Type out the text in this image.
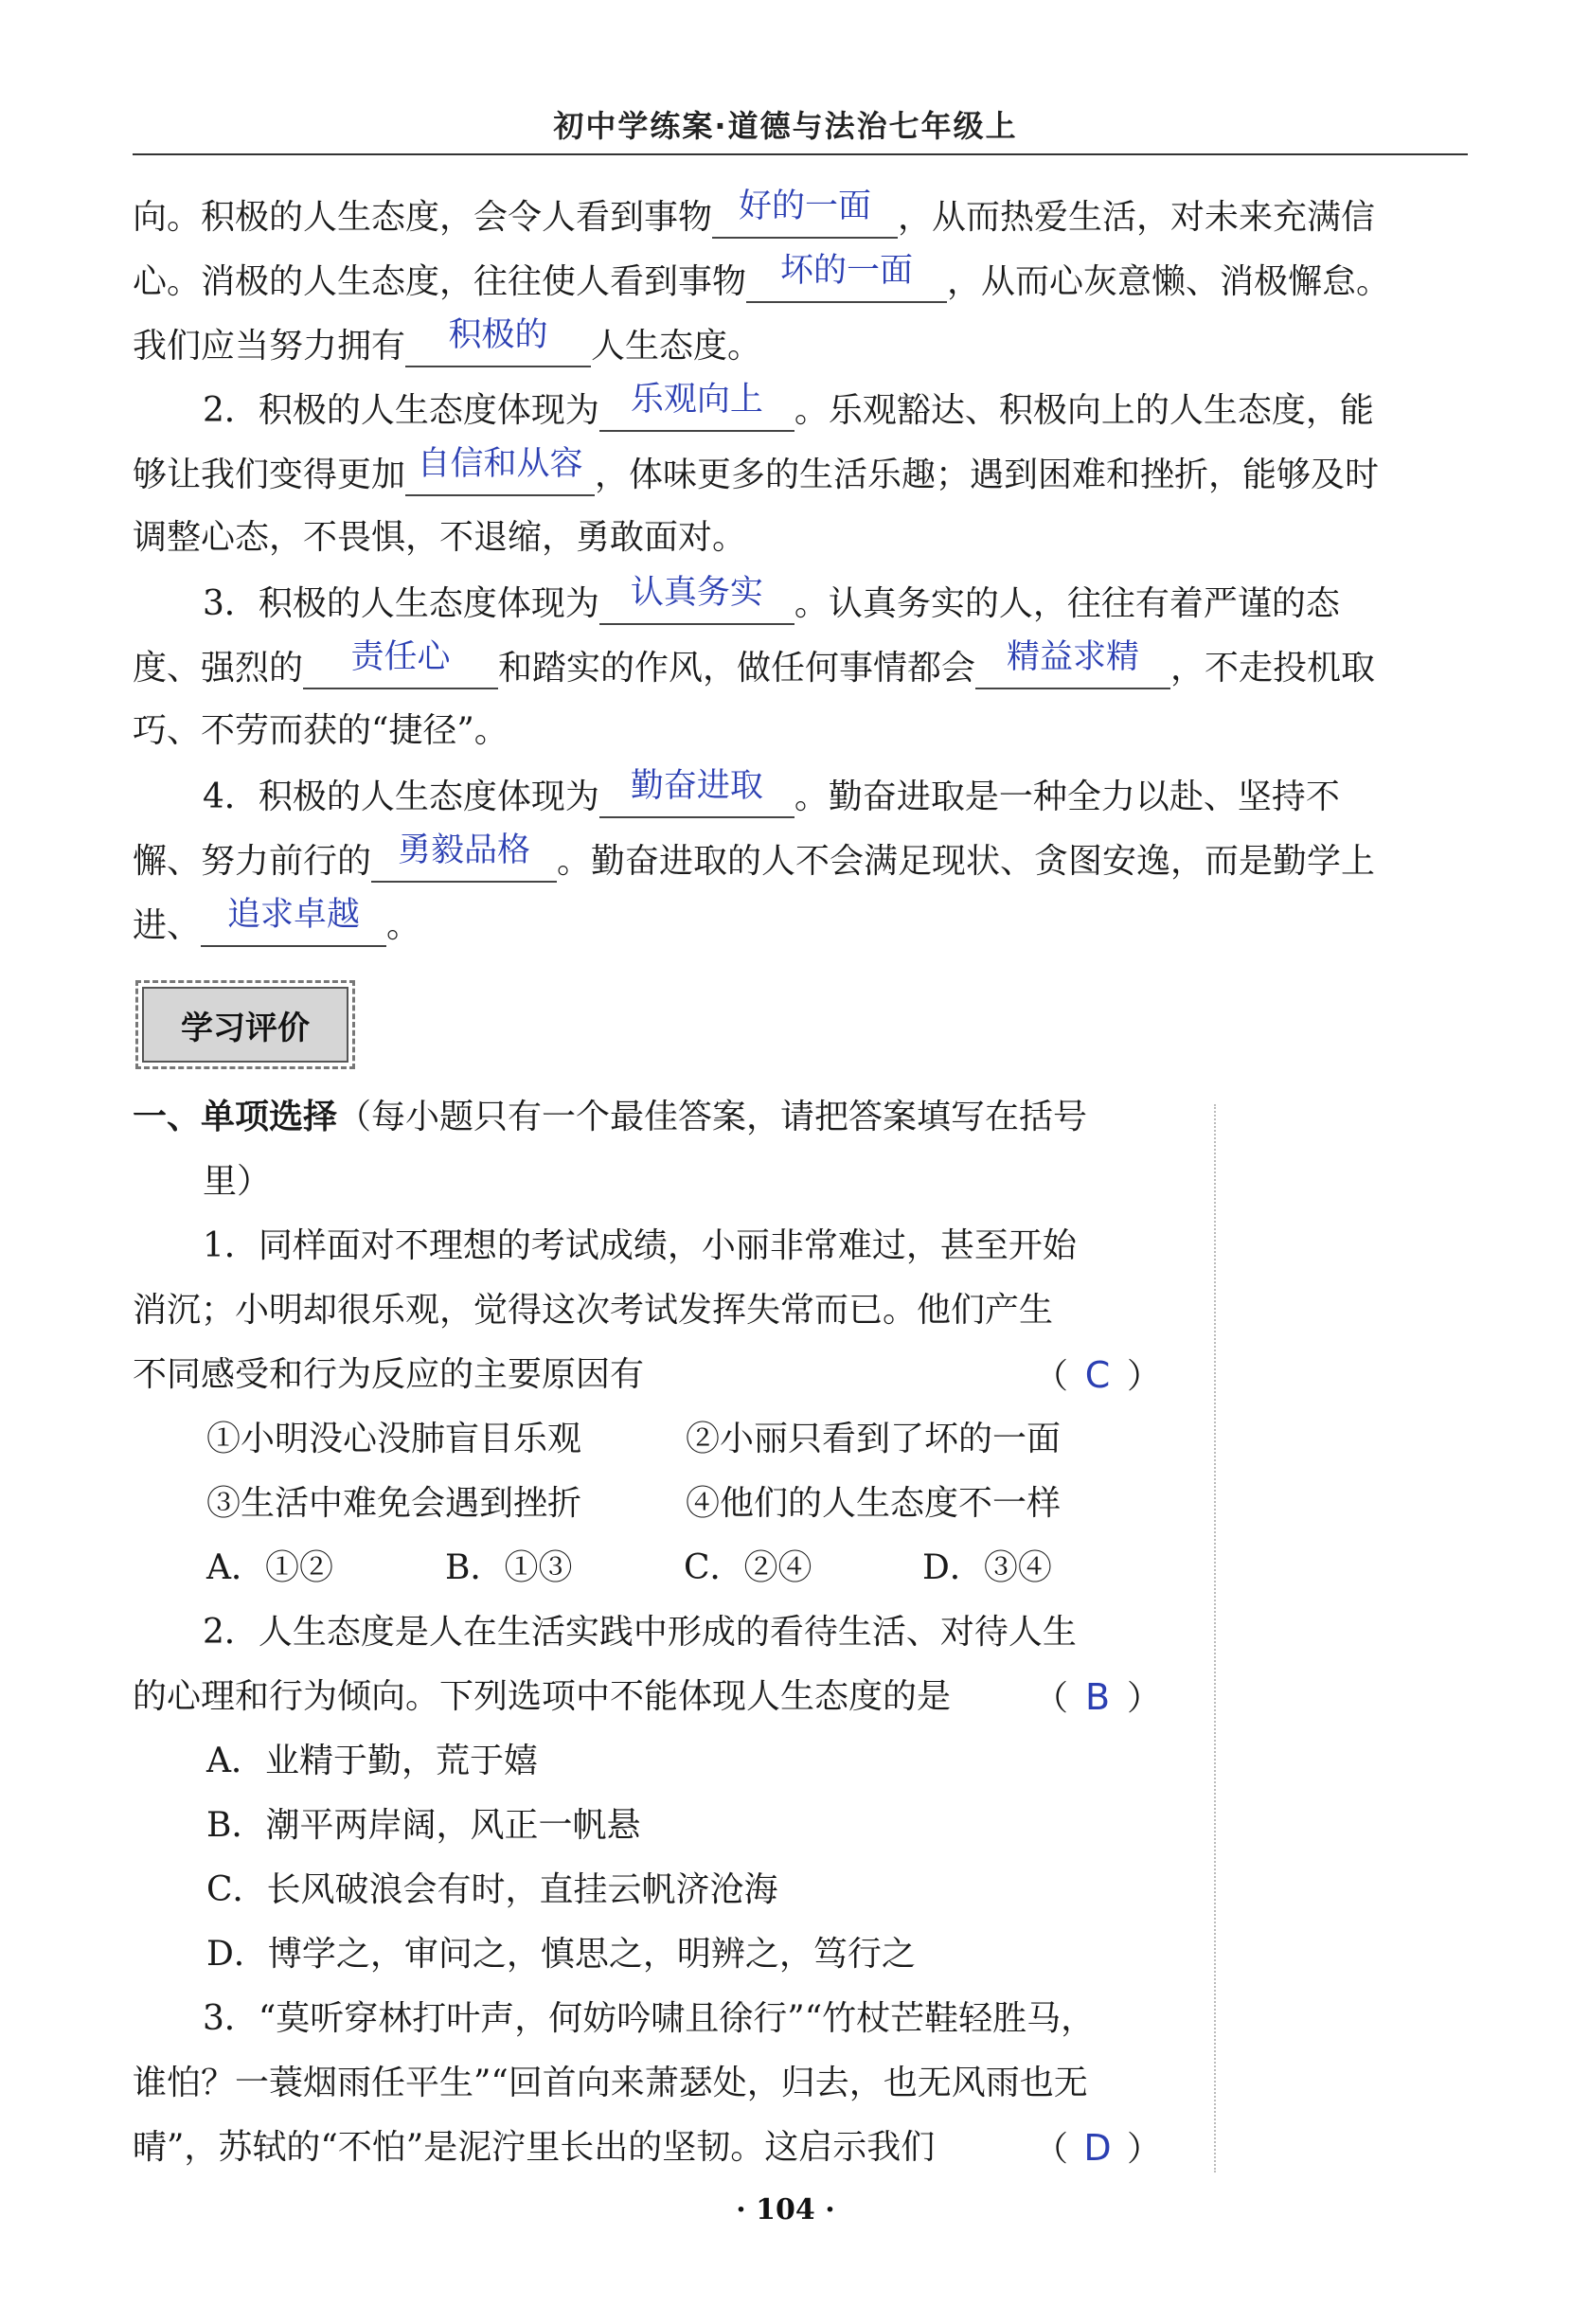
初中学练案·道德与法治七年级上
向。积极的人生态度，会令人看到事物 好的一面 ，从而热爱生活，对未来充满信
心。消极的人生态度，往往使人看到事物	坏的一面	，从而心灰意懒、消极懈怠。
我们应当努力拥有	积极的	人生态度。
2．积极的人生态度体现为 乐观向上 。乐观豁达、积极向上的人生态度，能
够让我们变得更加 自信和从容 ，体味更多的生活乐趣；遇到困难和挫折，能够及时
调整心态，不畏惧，不退缩，勇敢面对。
3．积极的人生态度体现为 认真务实 。认真务实的人，往往有着严谨的态
度、强烈的	责任心	和踏实的作风，做任何事情都会 精益求精 ，不走投机取
巧、不劳而获的“捷径”。
4．积极的人生态度体现为 勤奋进取 。勤奋进取是一种全力以赴、坚持不
懈、努力前行的 勇毅品格 。勤奋进取的人不会满足现状、贪图安逸，而是勤学上
进、 追求卓越 。
学习评价
一、单项选择（每小题只有一个最佳答案，请把答案填写在括号
里）
1．同样面对不理想的考试成绩，小丽非常难过，甚至开始
消沉；小明却很乐观，觉得这次考试发挥失常而已。他们产生
不同感受和行为反应的主要原因有	（ C ）
①小明没心没肺盲目乐观	②小丽只看到了坏的一面
③生活中难免会遇到挫折	④他们的人生态度不一样
A．①②	B．①③	C．②④	D．③④
2．人生态度是人在生活实践中形成的看待生活、对待人生
的心理和行为倾向。下列选项中不能体现人生态度的是 （ B ）
A．业精于勤，荒于嬉
B．潮平两岸阔，风正一帆悬
C．长风破浪会有时，直挂云帆济沧海
D．博学之，审问之，慎思之，明辨之，笃行之
3．“莫听穿林打叶声，何妨吟啸且徐行”“竹杖芒鞋轻胜马，
谁怕？一蓑烟雨任平生”“回首向来萧瑟处，归去，也无风雨也无
晴”，苏轼的“不怕”是泥泞里长出的坚韧。这启示我们	（ D ）
· 104 ·
